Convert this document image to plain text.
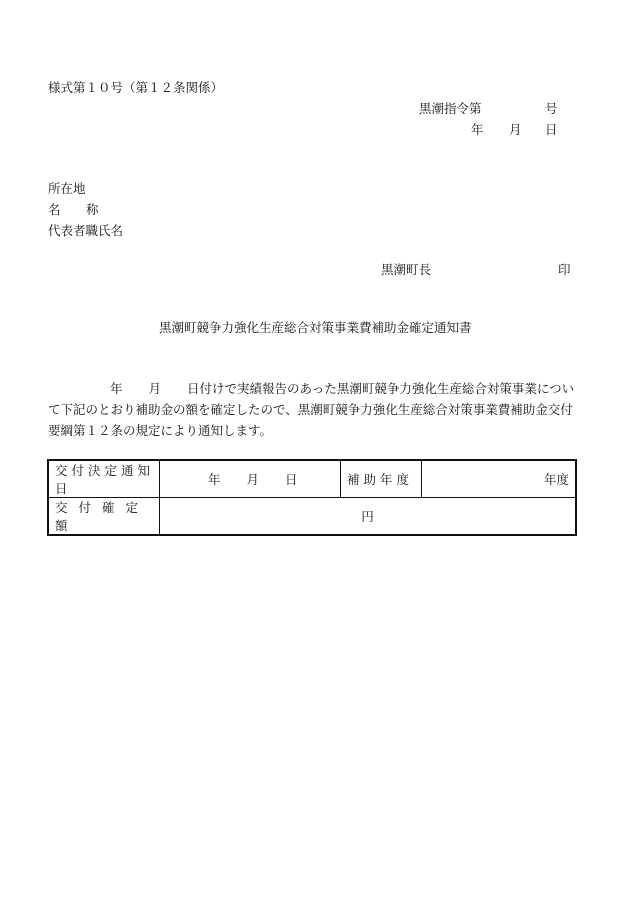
様式第１０号（第１２条関係）
黒潮指令第	号
年 月 日
所在地
名 称
代表者職氏名
黒潮町長	印
黒潮町競争力強化生産総合対策事業費補助金確定通知書
年 月 日付けで実績報告のあった黒潮町競争力強化生産総合対策事業につい
て下記のとおり補助金の額を確定したので、黒潮町競争力強化生産総合対策事業費補助金交付
要綱第１２条の規定により通知します。
交付決定通知日	年 月 日	補助年度	年度
交付確定額	円		
